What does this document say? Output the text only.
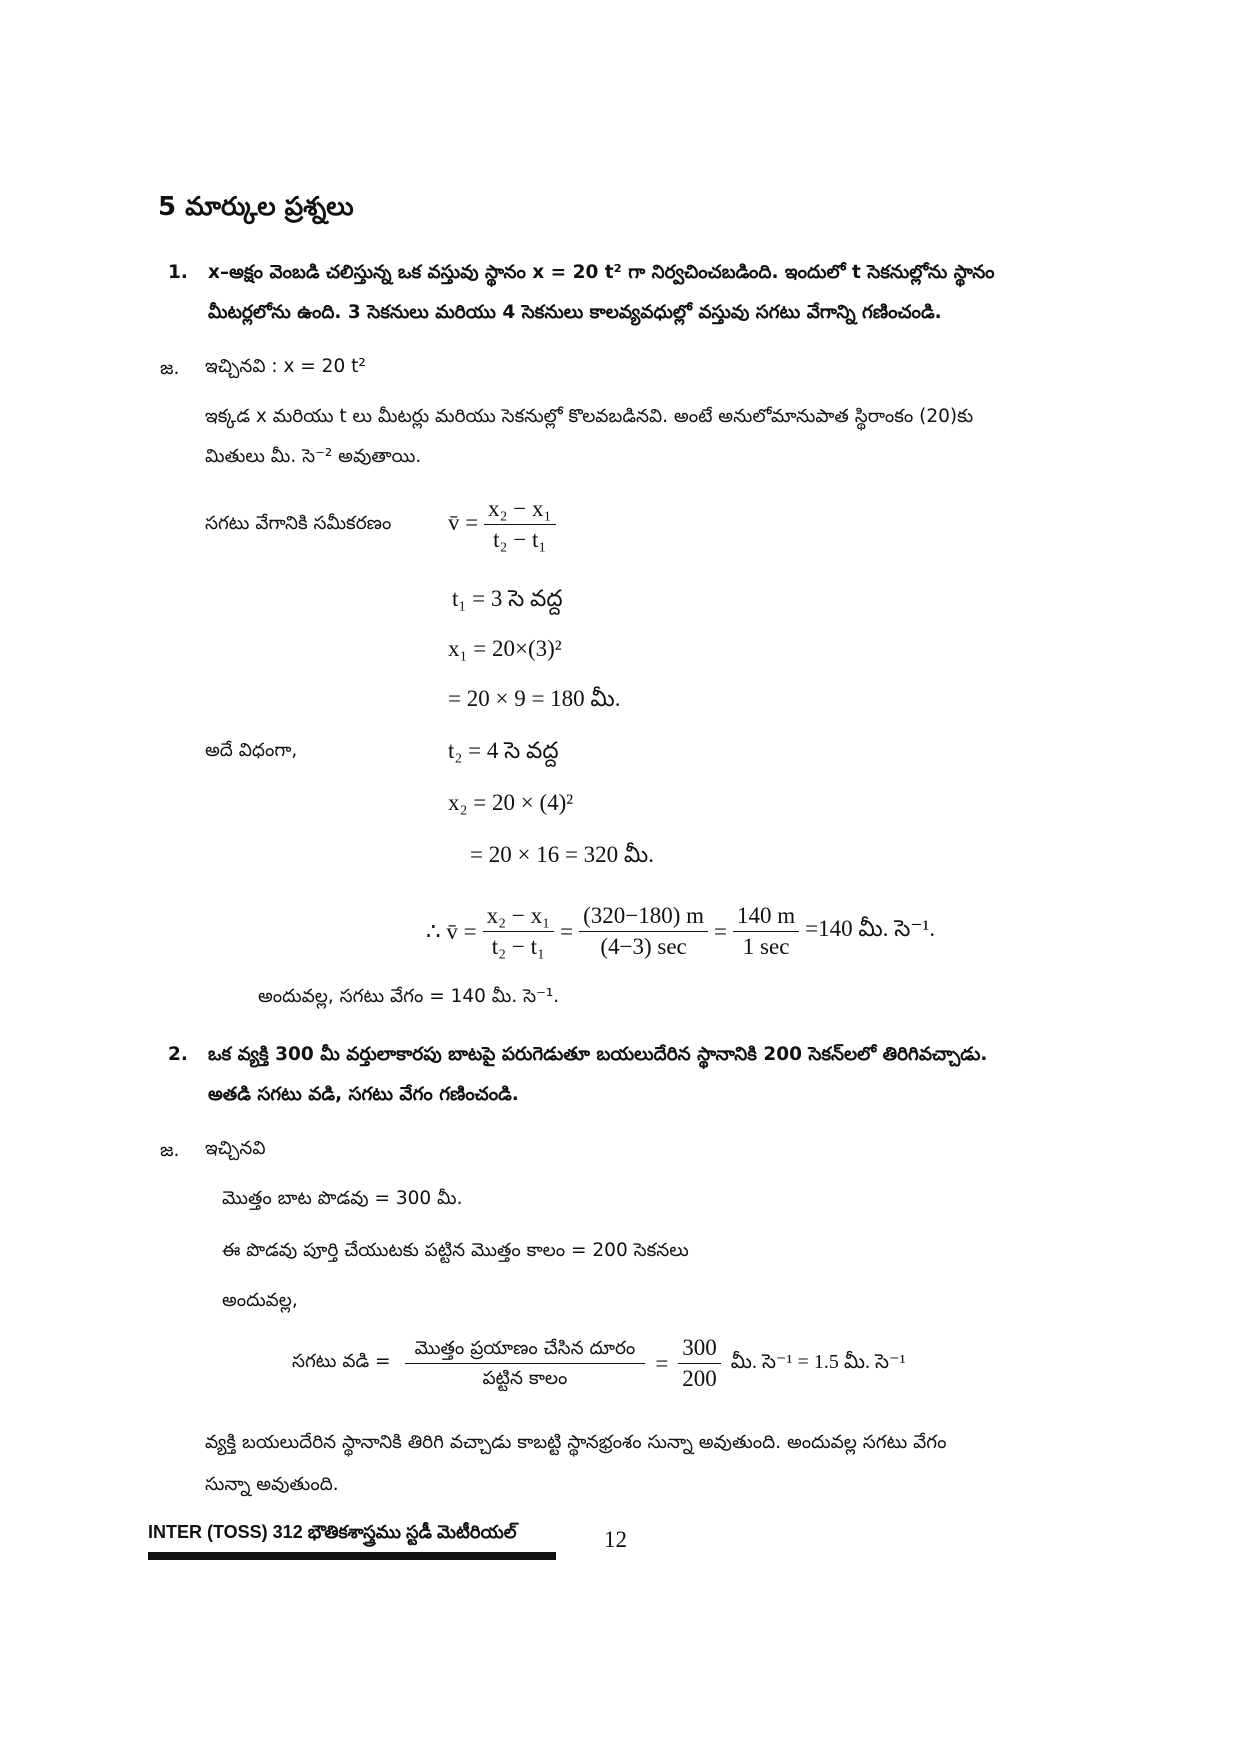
5 మార్కుల ప్రశ్నలు
1. x–అక్షం వెంబడి చలిస్తున్న ఒక వస్తువు స్థానం x = 20 t² గా నిర్వచించబడింది. ఇందులో t సెకనుల్లోను స్థానం
మీటర్లలోను ఉంది. 3 సెకనులు మరియు 4 సెకనులు కాలవ్యవధుల్లో వస్తువు సగటు వేగాన్ని గణించండి.
జ. ఇచ్చినవి : x = 20 t²
ఇక్కడ x మరియు t లు మీటర్లు మరియు సెకనుల్లో కొలవబడినవి. అంటే అనులోమానుపాత స్థిరాంకం (20)కు
మితులు మీ. సె⁻² అవుతాయి.
సగటు వేగానికి సమీకరణం v̄ = $\frac{\text{x₂ − x₁}}{\text{t₂ − t₁}}$
t₁ = 3 సె వద్ద
x₁ = 20×(3)²
= 20 × 9 = 180 మీ.
అదే విధంగా,	t₂ = 4 సె వద్ద
x₂ = 20 × (4)²
= 20 × 16 = 320 మీ.
∴ v̄ = $\frac{\text{x₂ − x₁}}{\text{t₂ − t₁}} = \frac{(320-180) m}{(4-3) \sec} = \frac{140 m}{1 \sec} =140$ మీ. సె⁻¹.
అందువల్ల, సగటు వేగం = 140 మీ. సె⁻¹.
2. ఒక వ్యక్తి 300 మీ వర్తులాకారపు బాటపై పరుగెడుతూ బయలుదేరిన స్థానానికి 200 సెకన్‌లలో తిరిగివచ్చాడు.
అతడి సగటు వడి, సగటు వేగం గణించండి.
జ. ఇచ్చినవి
మొత్తం బాట పొడవు = 300 మీ.
ఈ పొడవు పూర్తి చేయుటకు పట్టిన మొత్తం కాలం = 200 సెకనలు
అందువల్ల,
సగటు వడి = $\frac{\text{మొత్తం ప్రయాణం చేసిన దూరం}}{\text{పట్టిన కాలం}} = \frac{300}{200}$ మీ. సె⁻¹ = 1.5 మీ. సె⁻¹
వ్యక్తి బయలుదేరిన స్థానానికి తిరిగి వచ్చాడు కాబట్టి స్థానభ్రంశం సున్నా అవుతుంది. అందువల్ల సగటు వేగం
సున్నా అవుతుంది.
INTER (TOSS) 312 భౌతికశాస్త్రము స్టడీ మెటీరియల్	12
